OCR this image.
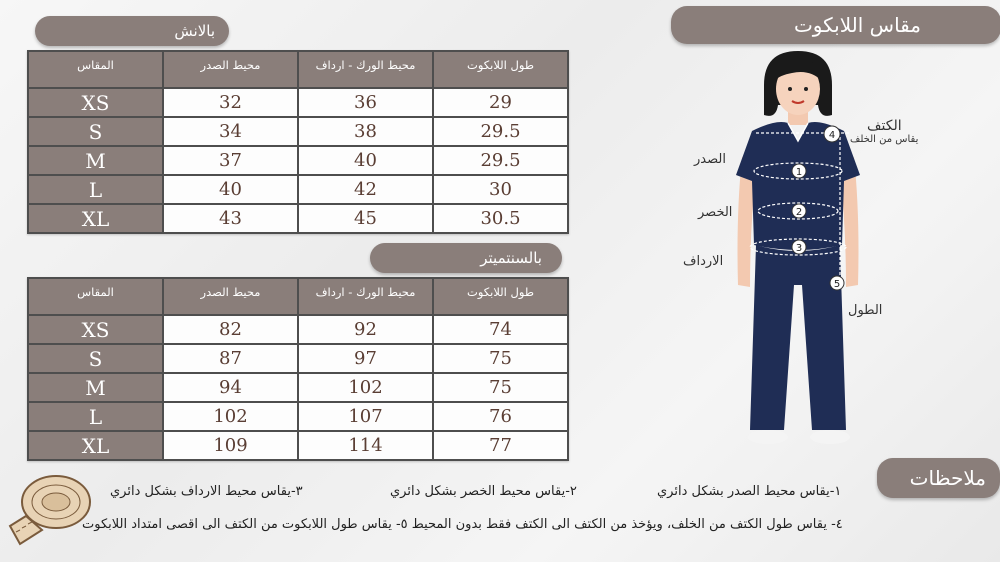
مقاس اللابكوت
بالانش
بالسنتميتر
ملاحظات
طول اللابكوت	محيط الورك - ارداف	محيط الصدر	المقاس
29	36	32	XS
29.5	38	34	S
29.5	40	37	M
30	42	40	L
30.5	45	43	XL
طول اللابكوت	محيط الورك - ارداف	محيط الصدر	المقاس
74	92	82	XS
75	97	87	S
75	102	94	M
76	107	102	L
77	114	109	XL
1
2
3
4
5
الكتف
يقاس من الخلف
الصدر
الخصر
الارداف
الطول
١-يقاس محيط الصدر بشكل دائري
٢-يقاس محيط الخصر بشكل دائري
٣-يقاس محيط الارداف بشكل دائري
٤- يقاس طول الكتف من الخلف، ويؤخذ من الكتف الى الكتف فقط بدون المحيط ٥- يقاس طول اللابكوت من الكتف الى اقصى امتداد اللابكوت
